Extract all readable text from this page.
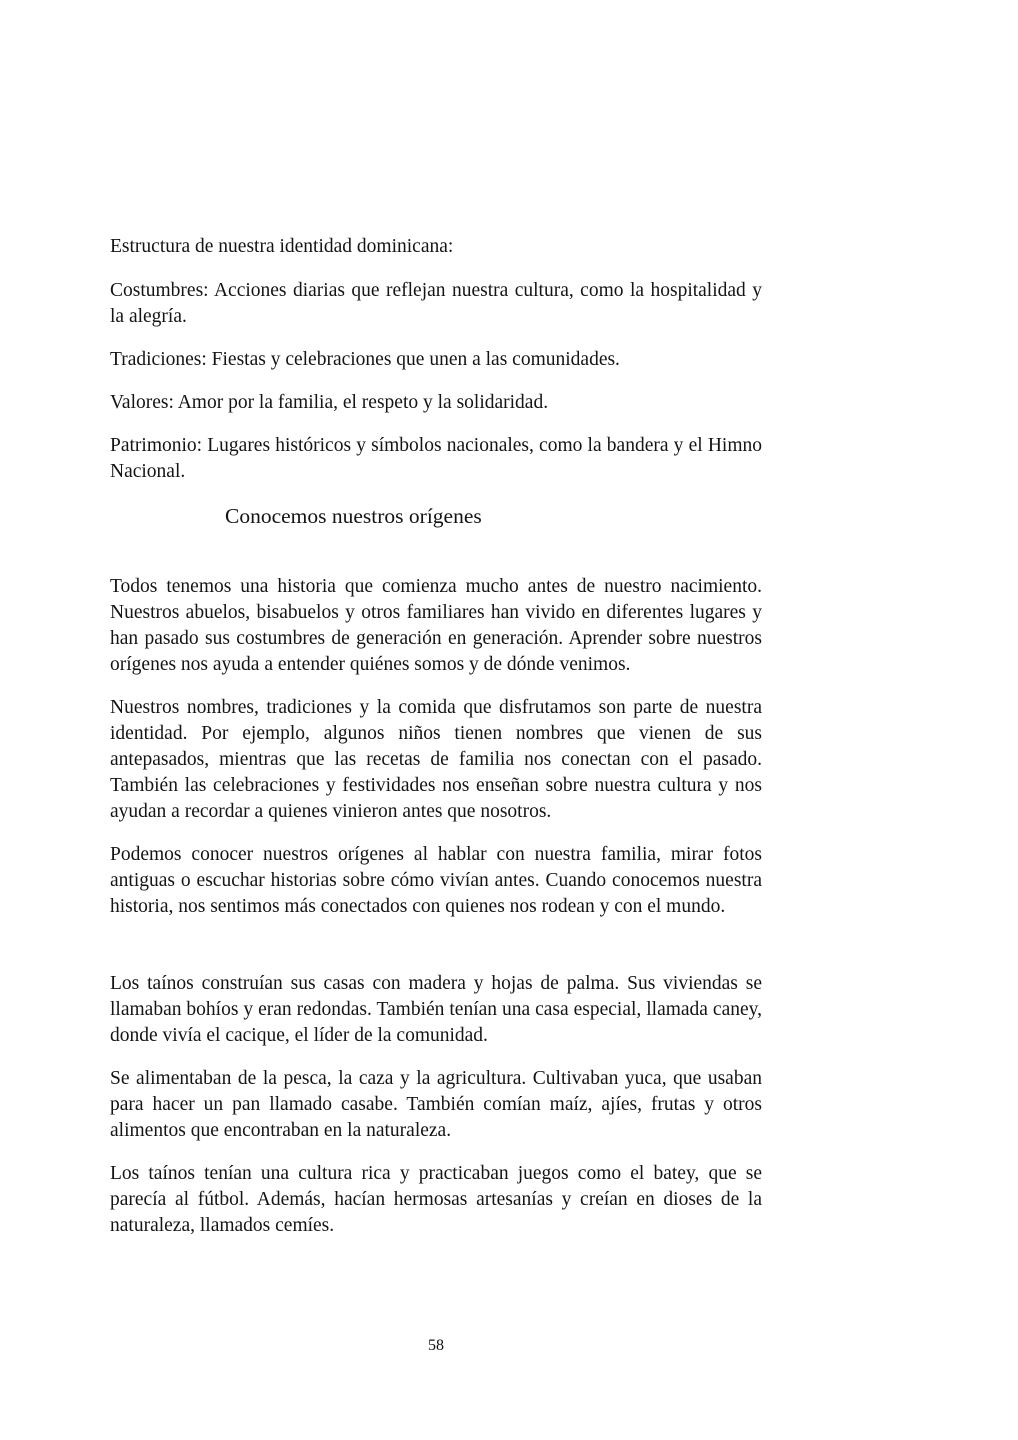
Estructura de nuestra identidad dominicana:

Costumbres: Acciones diarias que reflejan nuestra cultura, como la hospitalidad y la alegría.

Tradiciones: Fiestas y celebraciones que unen a las comunidades.

Valores: Amor por la familia, el respeto y la solidaridad.

Patrimonio: Lugares históricos y símbolos nacionales, como la bandera y el Himno Nacional.

Conocemos nuestros orígenes

Todos tenemos una historia que comienza mucho antes de nuestro nacimiento. Nuestros abuelos, bisabuelos y otros familiares han vivido en diferentes lugares y han pasado sus costumbres de generación en generación. Aprender sobre nuestros orígenes nos ayuda a entender quiénes somos y de dónde venimos.

Nuestros nombres, tradiciones y la comida que disfrutamos son parte de nuestra identidad. Por ejemplo, algunos niños tienen nombres que vienen de sus antepasados, mientras que las recetas de familia nos conectan con el pasado. También las celebraciones y festividades nos enseñan sobre nuestra cultura y nos ayudan a recordar a quienes vinieron antes que nosotros.

Podemos conocer nuestros orígenes al hablar con nuestra familia, mirar fotos antiguas o escuchar historias sobre cómo vivían antes. Cuando conocemos nuestra historia, nos sentimos más conectados con quienes nos rodean y con el mundo.

Los taínos construían sus casas con madera y hojas de palma. Sus viviendas se llamaban bohíos y eran redondas. También tenían una casa especial, llamada caney, donde vivía el cacique, el líder de la comunidad.

Se alimentaban de la pesca, la caza y la agricultura. Cultivaban yuca, que usaban para hacer un pan llamado casabe. También comían maíz, ajíes, frutas y otros alimentos que encontraban en la naturaleza.

Los taínos tenían una cultura rica y practicaban juegos como el batey, que se parecía al fútbol. Además, hacían hermosas artesanías y creían en dioses de la naturaleza, llamados cemíes.

58
